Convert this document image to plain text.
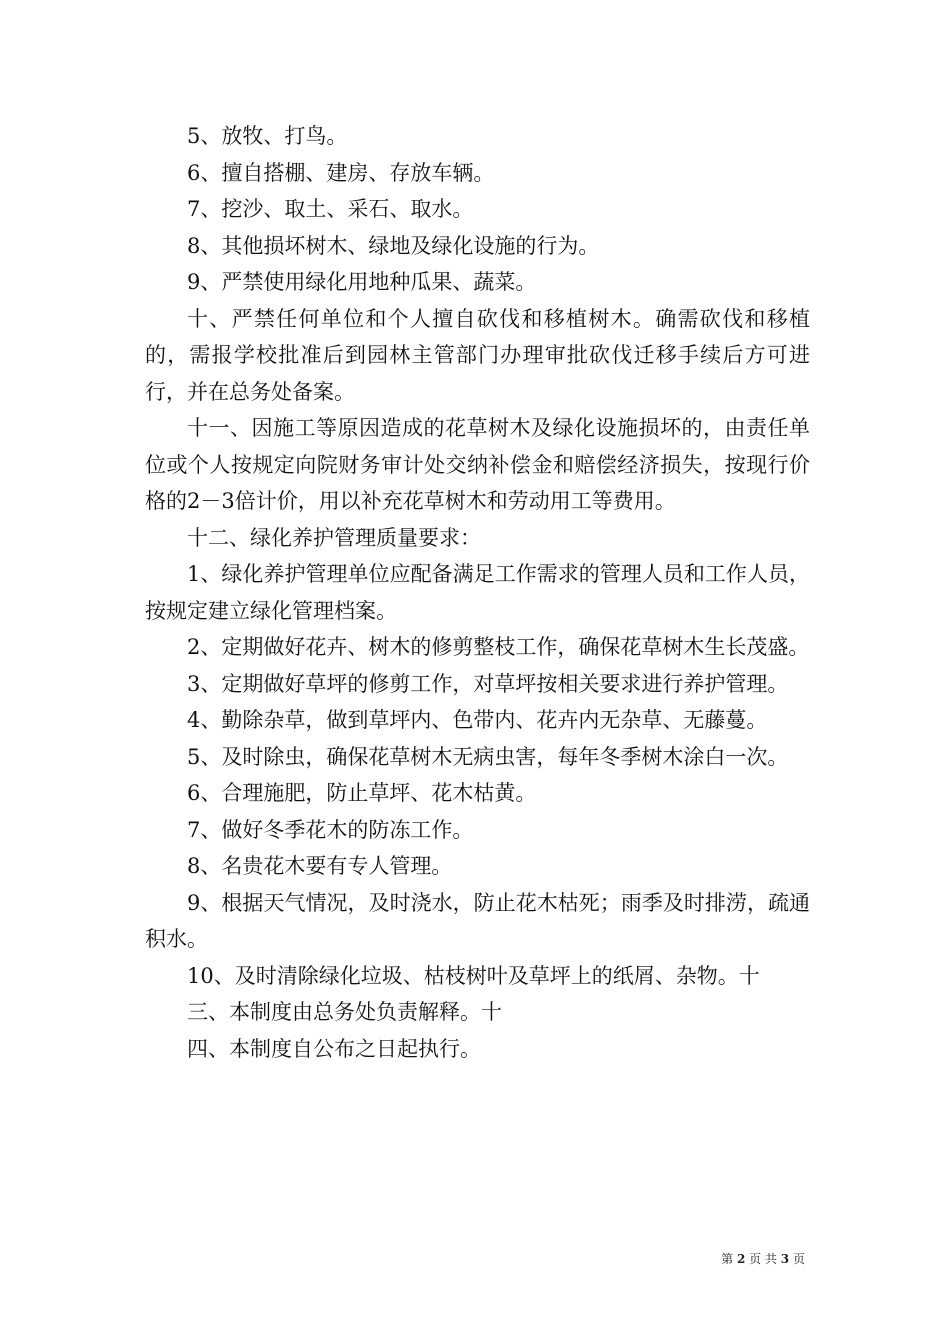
5、放牧、打鸟。

6、擅自搭棚、建房、存放车辆。

7、挖沙、取土、采石、取水。

8、其他损坏树木、绿地及绿化设施的行为。

9、严禁使用绿化用地种瓜果、蔬菜。

十、严禁任何单位和个人擅自砍伐和移植树木。确需砍伐和移植的，需报学校批准后到园林主管部门办理审批砍伐迁移手续后方可进行，并在总务处备案。

十一、因施工等原因造成的花草树木及绿化设施损坏的，由责任单位或个人按规定向院财务审计处交纳补偿金和赔偿经济损失，按现行价格的2－3倍计价，用以补充花草树木和劳动用工等费用。

十二、绿化养护管理质量要求：

1、绿化养护管理单位应配备满足工作需求的管理人员和工作人员，按规定建立绿化管理档案。

2、定期做好花卉、树木的修剪整枝工作，确保花草树木生长茂盛。

3、定期做好草坪的修剪工作，对草坪按相关要求进行养护管理。

4、勤除杂草，做到草坪内、色带内、花卉内无杂草、无藤蔓。

5、及时除虫，确保花草树木无病虫害，每年冬季树木涂白一次。

6、合理施肥，防止草坪、花木枯黄。

7、做好冬季花木的防冻工作。

8、名贵花木要有专人管理。

9、根据天气情况，及时浇水，防止花木枯死；雨季及时排涝，疏通积水。

10、及时清除绿化垃圾、枯枝树叶及草坪上的纸屑、杂物。十

三、本制度由总务处负责解释。十

四、本制度自公布之日起执行。

第 2 页 共 3 页
